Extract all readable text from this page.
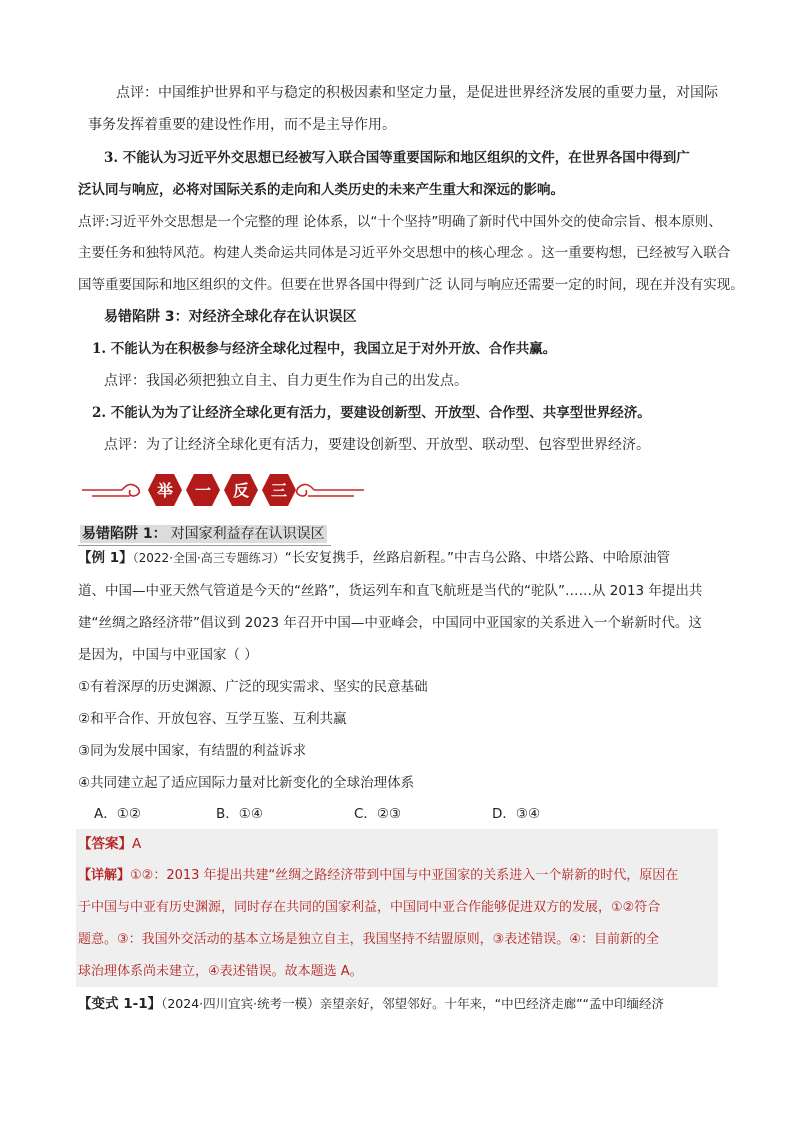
点评：中国维护世界和平与稳定的积极因素和坚定力量，是促进世界经济发展的重要力量，对国际
事务发挥着重要的建设性作用，而不是主导作用。
3. 不能认为习近平外交思想已经被写入联合国等重要国际和地区组织的文件，在世界各国中得到广
泛认同与响应，必将对国际关系的走向和人类历史的未来产生重大和深远的影响。
点评:习近平外交思想是一个完整的理 论体系，以“十个坚持”明确了新时代中国外交的使命宗旨、根本原则、
主要任务和独特风范。构建人类命运共同体是习近平外交思想中的核心理念 。这一重要构想，已经被写入联合
国等重要国际和地区组织的文件。但要在世界各国中得到广泛 认同与响应还需要一定的时间，现在并没有实现。
易错陷阱 3：对经济全球化存在认识误区
1. 不能认为在积极参与经济全球化过程中，我国立足于对外开放、合作共赢。
点评：我国必须把独立自主、自力更生作为自己的出发点。
2. 不能认为为了让经济全球化更有活力，要建设创新型、开放型、合作型、共享型世界经济。
点评：为了让经济全球化更有活力，要建设创新型、开放型、联动型、包容型世界经济。
举 一 反 三
易错陷阱 1： 对国家利益存在认识误区
【例 1】（2022·全国·高三专题练习）“长安复携手，丝路启新程。”中吉乌公路、中塔公路、中哈原油管
道、中国—中亚天然气管道是今天的“丝路”，货运列车和直飞航班是当代的“驼队”……从 2013 年提出共
建“丝绸之路经济带”倡议到 2023 年召开中国—中亚峰会，中国同中亚国家的关系进入一个崭新时代。这
是因为，中国与中亚国家（ ）
①有着深厚的历史渊源、广泛的现实需求、坚实的民意基础
②和平合作、开放包容、互学互鉴、互利共赢
③同为发展中国家，有结盟的利益诉求
④共同建立起了适应国际力量对比新变化的全球治理体系
A．①②	B．①④	C．②③	D．③④
【答案】A
【详解】①②：2013 年提出共建“丝绸之路经济带到中国与中亚国家的关系进入一个崭新的时代，原因在
于中国与中亚有历史渊源，同时存在共同的国家利益，中国同中亚合作能够促进双方的发展，①②符合
题意。③：我国外交活动的基本立场是独立自主，我国坚持不结盟原则，③表述错误。④：目前新的全
球治理体系尚未建立，④表述错误。故本题选 A。
【变式 1-1】（2024·四川宜宾·统考一模）亲望亲好，邻望邻好。十年来，“中巴经济走廊”“孟中印缅经济
